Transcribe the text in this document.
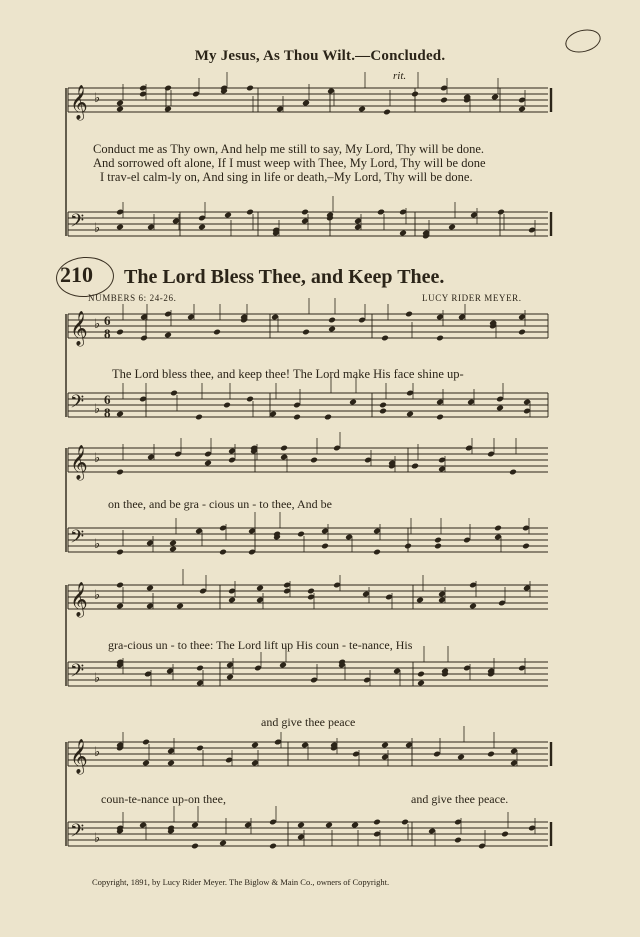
𝄞 ♭
𝄢 ♭
𝄞 ♭
𝄢 ♭
𝄞 ♭
𝄢 ♭
𝄞 ♭
𝄢 ♭
𝄞 ♭
𝄢 ♭
6
8
6
8
My Jesus, As Thou Wilt.—Concluded.
rit.
Conduct me as Thy own, And help me still to say, My Lord, Thy will be done.
And sorrowed oft alone, If I must weep with Thee, My Lord, Thy will be done
I trav-el calm-ly on, And sing in life or death,–My Lord, Thy will be done.
210 The Lord Bless Thee, and Keep Thee.
NUMBERS 6: 24-26.	LUCY RIDER MEYER.
The Lord bless thee, and keep thee! The Lord make His face shine up-
on thee, and be gra - cious un - to thee, And be
gra-cious un - to thee: The Lord lift up His coun - te-nance, His
and give thee peace
coun-te-nance up-on thee,	and give thee peace.
Copyright, 1891, by Lucy Rider Meyer. The Biglow & Main Co., owners of Copyright.
